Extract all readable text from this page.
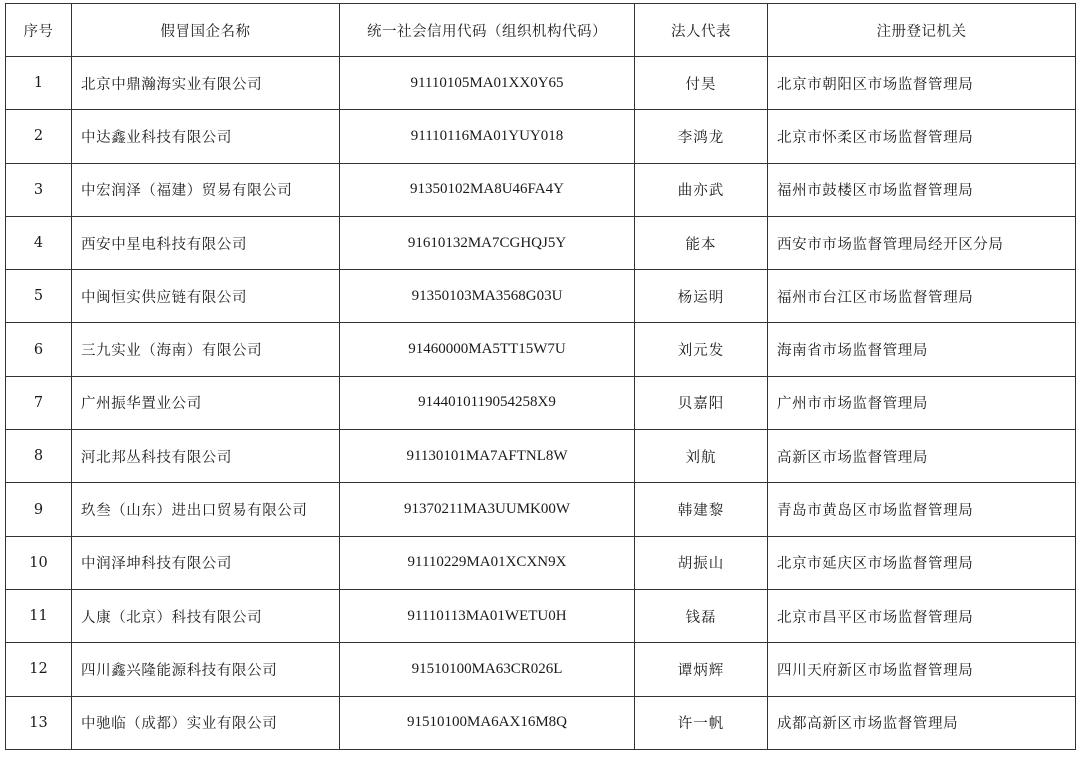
序号	假冒国企名称	统一社会信用代码（组织机构代码）	法人代表	注册登记机关
1	北京中鼎瀚海实业有限公司	91110105MA01XX0Y65	付昊	北京市朝阳区市场监督管理局
2	中达鑫业科技有限公司	91110116MA01YUY018	李鸿龙	北京市怀柔区市场监督管理局
3	中宏润泽（福建）贸易有限公司	91350102MA8U46FA4Y	曲亦武	福州市鼓楼区市场监督管理局
4	西安中星电科技有限公司	91610132MA7CGHQJ5Y	能本	西安市市场监督管理局经开区分局
5	中闽恒实供应链有限公司	91350103MA3568G03U	杨运明	福州市台江区市场监督管理局
6	三九实业（海南）有限公司	91460000MA5TT15W7U	刘元发	海南省市场监督管理局
7	广州振华置业公司	9144010119054258X9	贝嘉阳	广州市市场监督管理局
8	河北邦丛科技有限公司	91130101MA7AFTNL8W	刘航	高新区市场监督管理局
9	玖叁（山东）进出口贸易有限公司	91370211MA3UUMK00W	韩建黎	青岛市黄岛区市场监督管理局
10	中润泽坤科技有限公司	91110229MA01XCXN9X	胡振山	北京市延庆区市场监督管理局
11	人康（北京）科技有限公司	91110113MA01WETU0H	钱磊	北京市昌平区市场监督管理局
12	四川鑫兴隆能源科技有限公司	91510100MA63CR026L	谭炳辉	四川天府新区市场监督管理局
13	中驰临（成都）实业有限公司	91510100MA6AX16M8Q	许一帆	成都高新区市场监督管理局
